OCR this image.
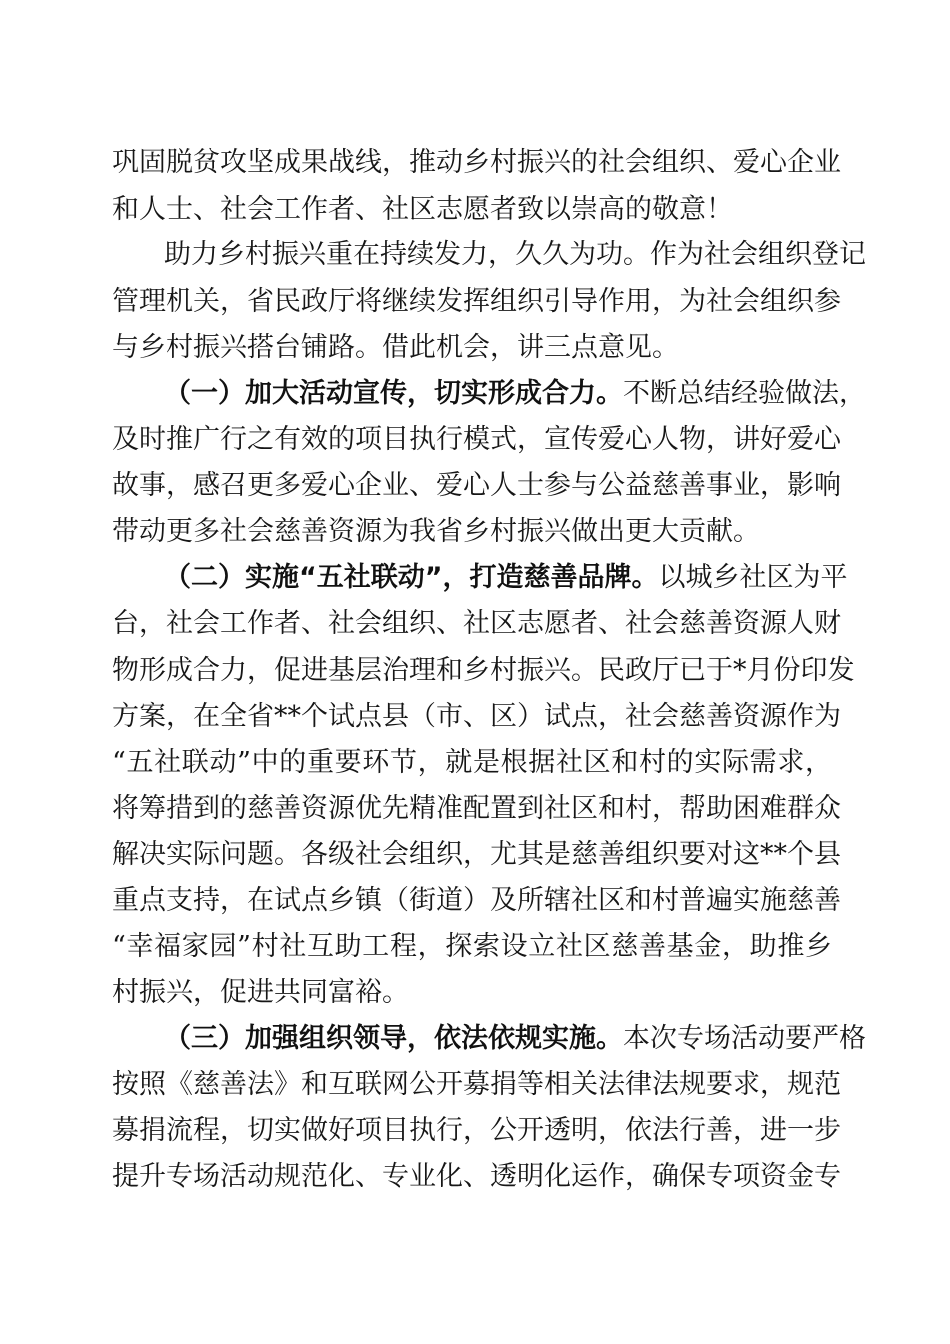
巩固脱贫攻坚成果战线，推动乡村振兴的社会组织、爱心企业
和人士、社会工作者、社区志愿者致以崇高的敬意！
助力乡村振兴重在持续发力，久久为功。作为社会组织登记
管理机关，省民政厅将继续发挥组织引导作用，为社会组织参
与乡村振兴搭台铺路。借此机会，讲三点意见。
（一）加大活动宣传，切实形成合力。不断总结经验做法，
及时推广行之有效的项目执行模式，宣传爱心人物，讲好爱心
故事，感召更多爱心企业、爱心人士参与公益慈善事业，影响
带动更多社会慈善资源为我省乡村振兴做出更大贡献。
（二）实施“五社联动”，打造慈善品牌。以城乡社区为平
台，社会工作者、社会组织、社区志愿者、社会慈善资源人财
物形成合力，促进基层治理和乡村振兴。民政厅已于*月份印发
方案，在全省**个试点县（市、区）试点，社会慈善资源作为
“五社联动”中的重要环节，就是根据社区和村的实际需求，
将筹措到的慈善资源优先精准配置到社区和村，帮助困难群众
解决实际问题。各级社会组织，尤其是慈善组织要对这**个县
重点支持，在试点乡镇（街道）及所辖社区和村普遍实施慈善
“幸福家园”村社互助工程，探索设立社区慈善基金，助推乡
村振兴，促进共同富裕。
（三）加强组织领导，依法依规实施。本次专场活动要严格
按照《慈善法》和互联网公开募捐等相关法律法规要求，规范
募捐流程，切实做好项目执行，公开透明，依法行善，进一步
提升专场活动规范化、专业化、透明化运作，确保专项资金专
